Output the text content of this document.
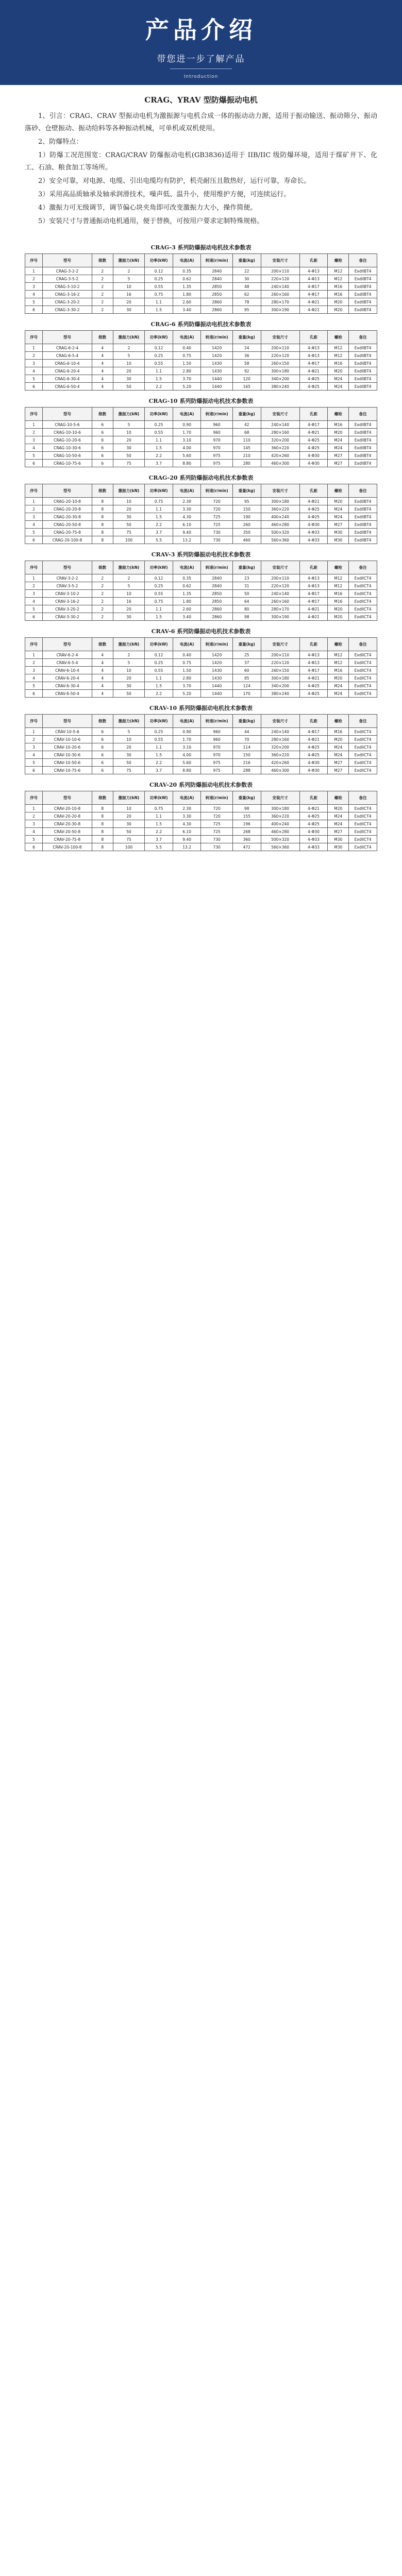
产品介绍
带您进一步了解产品
Introduction
CRAG、YRAV 型防爆振动电机

1、引言：CRAG、CRAV 型振动电机为激振源与电机合成一体的振动动力源，适用于振动输送、振动筛分、振动落砂、仓壁振动、振动给料等各种振动机械，可单机或双机使用。

2、防爆特点：

1）防爆工况范围宽：CRAG/CRAV 防爆振动电机(GB3836)适用于 IIB/IIC 级防爆环境，适用于煤矿井下、化工、石油、粮食加工等场所。

2）安全可靠，对电源、电缆、引出电缆均有防护，机壳耐压且散热好，运行可靠，寿命长。

3）采用高品质轴承及轴承润滑技术，噪声低、温升小，使用维护方便，可连续运行。

4）激振力可无级调节，调节偏心块夹角即可改变激振力大小，操作简便。

5）安装尺寸与普通振动电机通用，便于替换，可按用户要求定制特殊规格。

CRAG-3 系列防爆振动电机技术参数表
序号	型号	级数	激振力(kN)	功率(kW)	电流(A)	转速(r/min)	重量(kg)	安装尺寸	孔距	螺栓	备注
1	CRAG-3-2-2	2	2	0.12	0.35	2840	22	200×110	4-Φ13	M12	ExdIIBT4
2	CRAG-3-5-2	2	5	0.25	0.62	2840	30	220×120	4-Φ13	M12	ExdIIBT4
3	CRAG-3-10-2	2	10	0.55	1.35	2850	48	240×140	4-Φ17	M16	ExdIIBT4
4	CRAG-3-16-2	2	16	0.75	1.80	2850	62	260×160	4-Φ17	M16	ExdIIBT4
5	CRAG-3-20-2	2	20	1.1	2.60	2860	78	280×170	4-Φ21	M20	ExdIIBT4
6	CRAG-3-30-2	2	30	1.5	3.40	2860	95	300×190	4-Φ21	M20	ExdIIBT4
CRAG-6 系列防爆振动电机技术参数表
序号	型号	级数	激振力(kN)	功率(kW)	电流(A)	转速(r/min)	重量(kg)	安装尺寸	孔距	螺栓	备注
1	CRAG-6-2-4	4	2	0.12	0.40	1420	24	200×110	4-Φ13	M12	ExdIIBT4
2	CRAG-6-5-4	4	5	0.25	0.75	1420	36	220×120	4-Φ13	M12	ExdIIBT4
3	CRAG-6-10-4	4	10	0.55	1.50	1430	58	260×150	4-Φ17	M16	ExdIIBT4
4	CRAG-6-20-4	4	20	1.1	2.80	1430	92	300×180	4-Φ21	M20	ExdIIBT4
5	CRAG-6-30-4	4	30	1.5	3.70	1440	120	340×200	4-Φ25	M24	ExdIIBT4
6	CRAG-6-50-4	4	50	2.2	5.20	1440	165	380×240	4-Φ25	M24	ExdIIBT4
CRAG-10 系列防爆振动电机技术参数表
序号	型号	级数	激振力(kN)	功率(kW)	电流(A)	转速(r/min)	重量(kg)	安装尺寸	孔距	螺栓	备注
1	CRAG-10-5-6	6	5	0.25	0.90	960	42	240×140	4-Φ17	M16	ExdIIBT4
2	CRAG-10-10-6	6	10	0.55	1.70	960	68	280×160	4-Φ21	M20	ExdIIBT4
3	CRAG-10-20-6	6	20	1.1	3.10	970	110	320×200	4-Φ25	M24	ExdIIBT4
4	CRAG-10-30-6	6	30	1.5	4.00	970	145	360×220	4-Φ25	M24	ExdIIBT4
5	CRAG-10-50-6	6	50	2.2	5.60	975	210	420×260	4-Φ30	M27	ExdIIBT4
6	CRAG-10-75-6	6	75	3.7	8.80	975	280	460×300	4-Φ30	M27	ExdIIBT4
CRAG-20 系列防爆振动电机技术参数表
序号	型号	级数	激振力(kN)	功率(kW)	电流(A)	转速(r/min)	重量(kg)	安装尺寸	孔距	螺栓	备注
1	CRAG-20-10-8	8	10	0.75	2.30	720	95	300×180	4-Φ21	M20	ExdIIBT4
2	CRAG-20-20-8	8	20	1.1	3.30	720	150	360×220	4-Φ25	M24	ExdIIBT4
3	CRAG-20-30-8	8	30	1.5	4.30	725	190	400×240	4-Φ25	M24	ExdIIBT4
4	CRAG-20-50-8	8	50	2.2	6.10	725	260	460×280	4-Φ30	M27	ExdIIBT4
5	CRAG-20-75-8	8	75	3.7	9.40	730	350	500×320	4-Φ33	M30	ExdIIBT4
6	CRAG-20-100-8	8	100	5.5	13.2	730	460	560×360	4-Φ33	M30	ExdIIBT4
CRAV-3 系列防爆振动电机技术参数表
序号	型号	级数	激振力(kN)	功率(kW)	电流(A)	转速(r/min)	重量(kg)	安装尺寸	孔距	螺栓	备注
1	CRAV-3-2-2	2	2	0.12	0.35	2840	23	200×110	4-Φ13	M12	ExdIICT4
2	CRAV-3-5-2	2	5	0.25	0.62	2840	31	220×120	4-Φ13	M12	ExdIICT4
3	CRAV-3-10-2	2	10	0.55	1.35	2850	50	240×140	4-Φ17	M16	ExdIICT4
4	CRAV-3-16-2	2	16	0.75	1.80	2850	64	260×160	4-Φ17	M16	ExdIICT4
5	CRAV-3-20-2	2	20	1.1	2.60	2860	80	280×170	4-Φ21	M20	ExdIICT4
6	CRAV-3-30-2	2	30	1.5	3.40	2860	98	300×190	4-Φ21	M20	ExdIICT4
CRAV-6 系列防爆振动电机技术参数表
序号	型号	级数	激振力(kN)	功率(kW)	电流(A)	转速(r/min)	重量(kg)	安装尺寸	孔距	螺栓	备注
1	CRAV-6-2-4	4	2	0.12	0.40	1420	25	200×110	4-Φ13	M12	ExdIICT4
2	CRAV-6-5-4	4	5	0.25	0.75	1420	37	220×120	4-Φ13	M12	ExdIICT4
3	CRAV-6-10-4	4	10	0.55	1.50	1430	60	260×150	4-Φ17	M16	ExdIICT4
4	CRAV-6-20-4	4	20	1.1	2.80	1430	95	300×180	4-Φ21	M20	ExdIICT4
5	CRAV-6-30-4	4	30	1.5	3.70	1440	124	340×200	4-Φ25	M24	ExdIICT4
6	CRAV-6-50-4	4	50	2.2	5.20	1440	170	380×240	4-Φ25	M24	ExdIICT4
CRAV-10 系列防爆振动电机技术参数表
序号	型号	级数	激振力(kN)	功率(kW)	电流(A)	转速(r/min)	重量(kg)	安装尺寸	孔距	螺栓	备注
1	CRAV-10-5-6	6	5	0.25	0.90	960	44	240×140	4-Φ17	M16	ExdIICT4
2	CRAV-10-10-6	6	10	0.55	1.70	960	70	280×160	4-Φ21	M20	ExdIICT4
3	CRAV-10-20-6	6	20	1.1	3.10	970	114	320×200	4-Φ25	M24	ExdIICT4
4	CRAV-10-30-6	6	30	1.5	4.00	970	150	360×220	4-Φ25	M24	ExdIICT4
5	CRAV-10-50-6	6	50	2.2	5.60	975	216	420×260	4-Φ30	M27	ExdIICT4
6	CRAV-10-75-6	6	75	3.7	8.80	975	288	460×300	4-Φ30	M27	ExdIICT4
CRAV-20 系列防爆振动电机技术参数表
序号	型号	级数	激振力(kN)	功率(kW)	电流(A)	转速(r/min)	重量(kg)	安装尺寸	孔距	螺栓	备注
1	CRAV-20-10-8	8	10	0.75	2.30	720	98	300×180	4-Φ21	M20	ExdIICT4
2	CRAV-20-20-8	8	20	1.1	3.30	720	155	360×220	4-Φ25	M24	ExdIICT4
3	CRAV-20-30-8	8	30	1.5	4.30	725	196	400×240	4-Φ25	M24	ExdIICT4
4	CRAV-20-50-8	8	50	2.2	6.10	725	268	460×280	4-Φ30	M27	ExdIICT4
5	CRAV-20-75-8	8	75	3.7	9.40	730	360	500×320	4-Φ33	M30	ExdIICT4
6	CRAV-20-100-8	8	100	5.5	13.2	730	472	560×360	4-Φ33	M30	ExdIICT4
